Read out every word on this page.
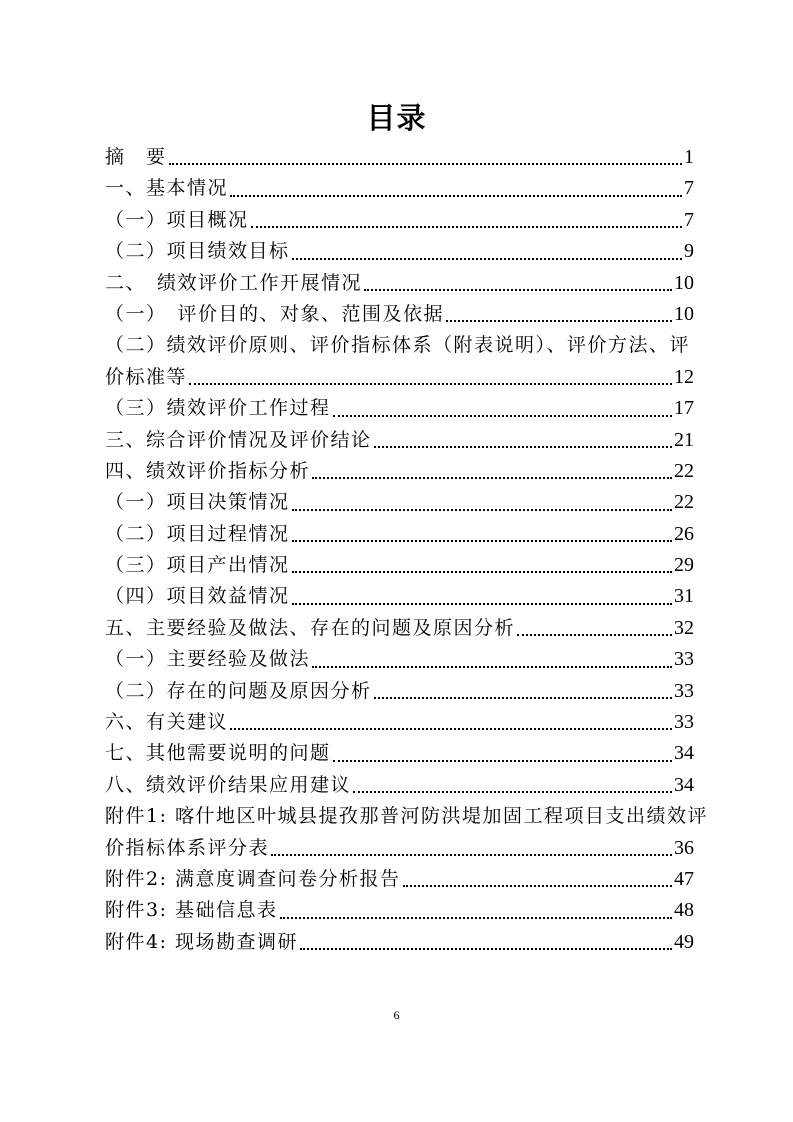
目录
摘　要	1
一、基本情况	7
（一）项目概况	7
（二）项目绩效目标	9
二、　绩效评价工作开展情况	10
（一）　评价目的、对象、范围及依据	10
（二）绩效评价原则、评价指标体系（附表说明）、评价方法、评
价标准等	12
（三）绩效评价工作过程	17
三、综合评价情况及评价结论	21
四、绩效评价指标分析	22
（一）项目决策情况	22
（二）项目过程情况	26
（三）项目产出情况	29
（四）项目效益情况	31
五、主要经验及做法、存在的问题及原因分析	32
（一）主要经验及做法	33
（二）存在的问题及原因分析	33
六、有关建议	33
七、其他需要说明的问题	34
八、绩效评价结果应用建议	34
附件1: 喀什地区叶城县提孜那普河防洪堤加固工程项目支出绩效评
价指标体系评分表	36
附件2: 满意度调查问卷分析报告	47
附件3: 基础信息表	48
附件4: 现场勘查调研	49
6
